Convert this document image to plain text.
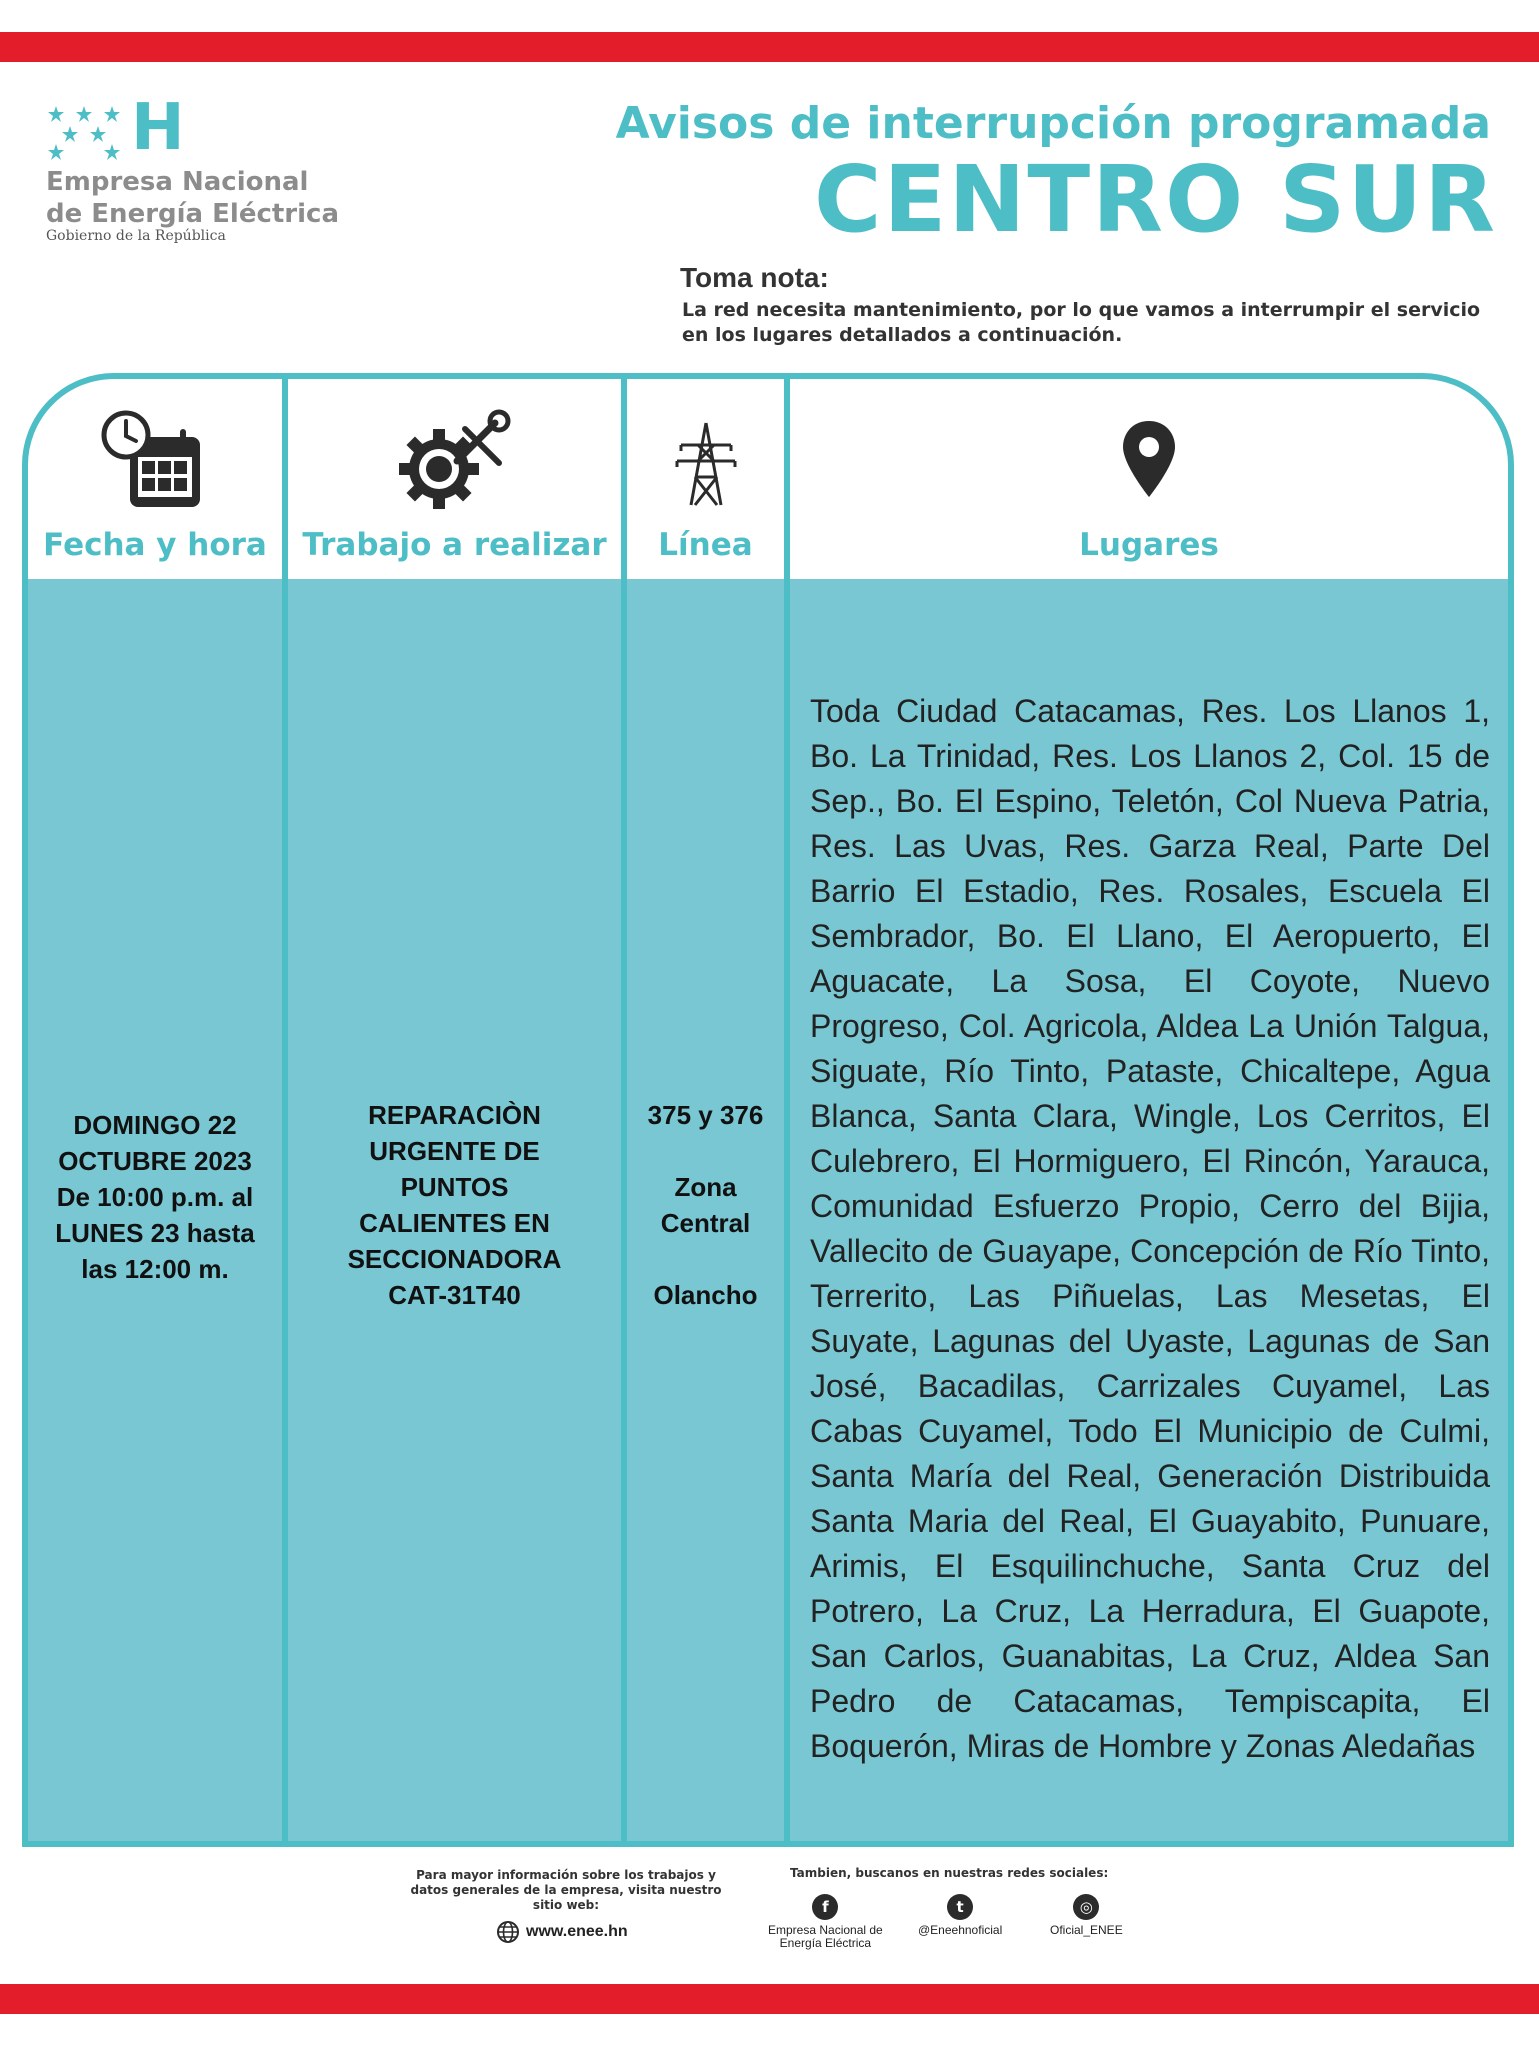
H
Empresa Nacional
de Energía Eléctrica
Gobierno de la República
Avisos de interrupción programada
CENTRO SUR
Toma nota:
La red necesita mantenimiento, por lo que vamos a interrumpir el servicio en los lugares detallados a continuación.
Fecha y hora
DOMINGO 22
OCTUBRE 2023
De 10:00 p.m. al
LUNES 23 hasta
las 12:00 m.
Trabajo a realizar
REPARACIÒN
URGENTE DE
PUNTOS
CALIENTES EN
SECCIONADORA
CAT-31T40
Línea
375 y 376
Zona
Central
Olancho
Lugares
Toda Ciudad Catacamas, Res. Los Llanos 1, Bo. La Trinidad, Res. Los Llanos 2, Col. 15 de Sep., Bo. El Espino, Teletón, Col Nueva Patria, Res. Las Uvas, Res. Garza Real, Parte Del Barrio El Estadio, Res. Rosales, Escuela El Sembrador, Bo. El Llano, El Aeropuerto, El Aguacate, La Sosa, El Coyote, Nuevo Progreso, Col. Agricola, Aldea La Unión Talgua, Siguate, Río Tinto, Pataste, Chicaltepe, Agua Blanca, Santa Clara, Wingle, Los Cerritos, El Culebrero, El Hormiguero, El Rincón, Yarauca, Comunidad Esfuerzo Propio, Cerro del Bijia, Vallecito de Guayape, Concepción de Río Tinto, Terrerito, Las Piñuelas, Las Mesetas, El Suyate, Lagunas del Uyaste, Lagunas de San José, Bacadilas, Carrizales Cuyamel, Las Cabas Cuyamel, Todo El Municipio de Culmi, Santa María del Real, Generación Distribuida Santa Maria del Real, El Guayabito, Punuare, Arimis, El Esquilinchuche, Santa Cruz del Potrero, La Cruz, La Herradura, El Guapote, San Carlos, Guanabitas, La Cruz, Aldea San Pedro de Catacamas, Tempiscapita, El Boquerón, Miras de Hombre y Zonas Aledañas
Para mayor información sobre los trabajos y datos generales de la empresa, visita nuestro sitio web:
www.enee.hn
Tambien, buscanos en nuestras redes sociales:
f
Empresa Nacional de
Energía Eléctrica
t
@Eneehnoficial
◎
Oficial_ENEE
